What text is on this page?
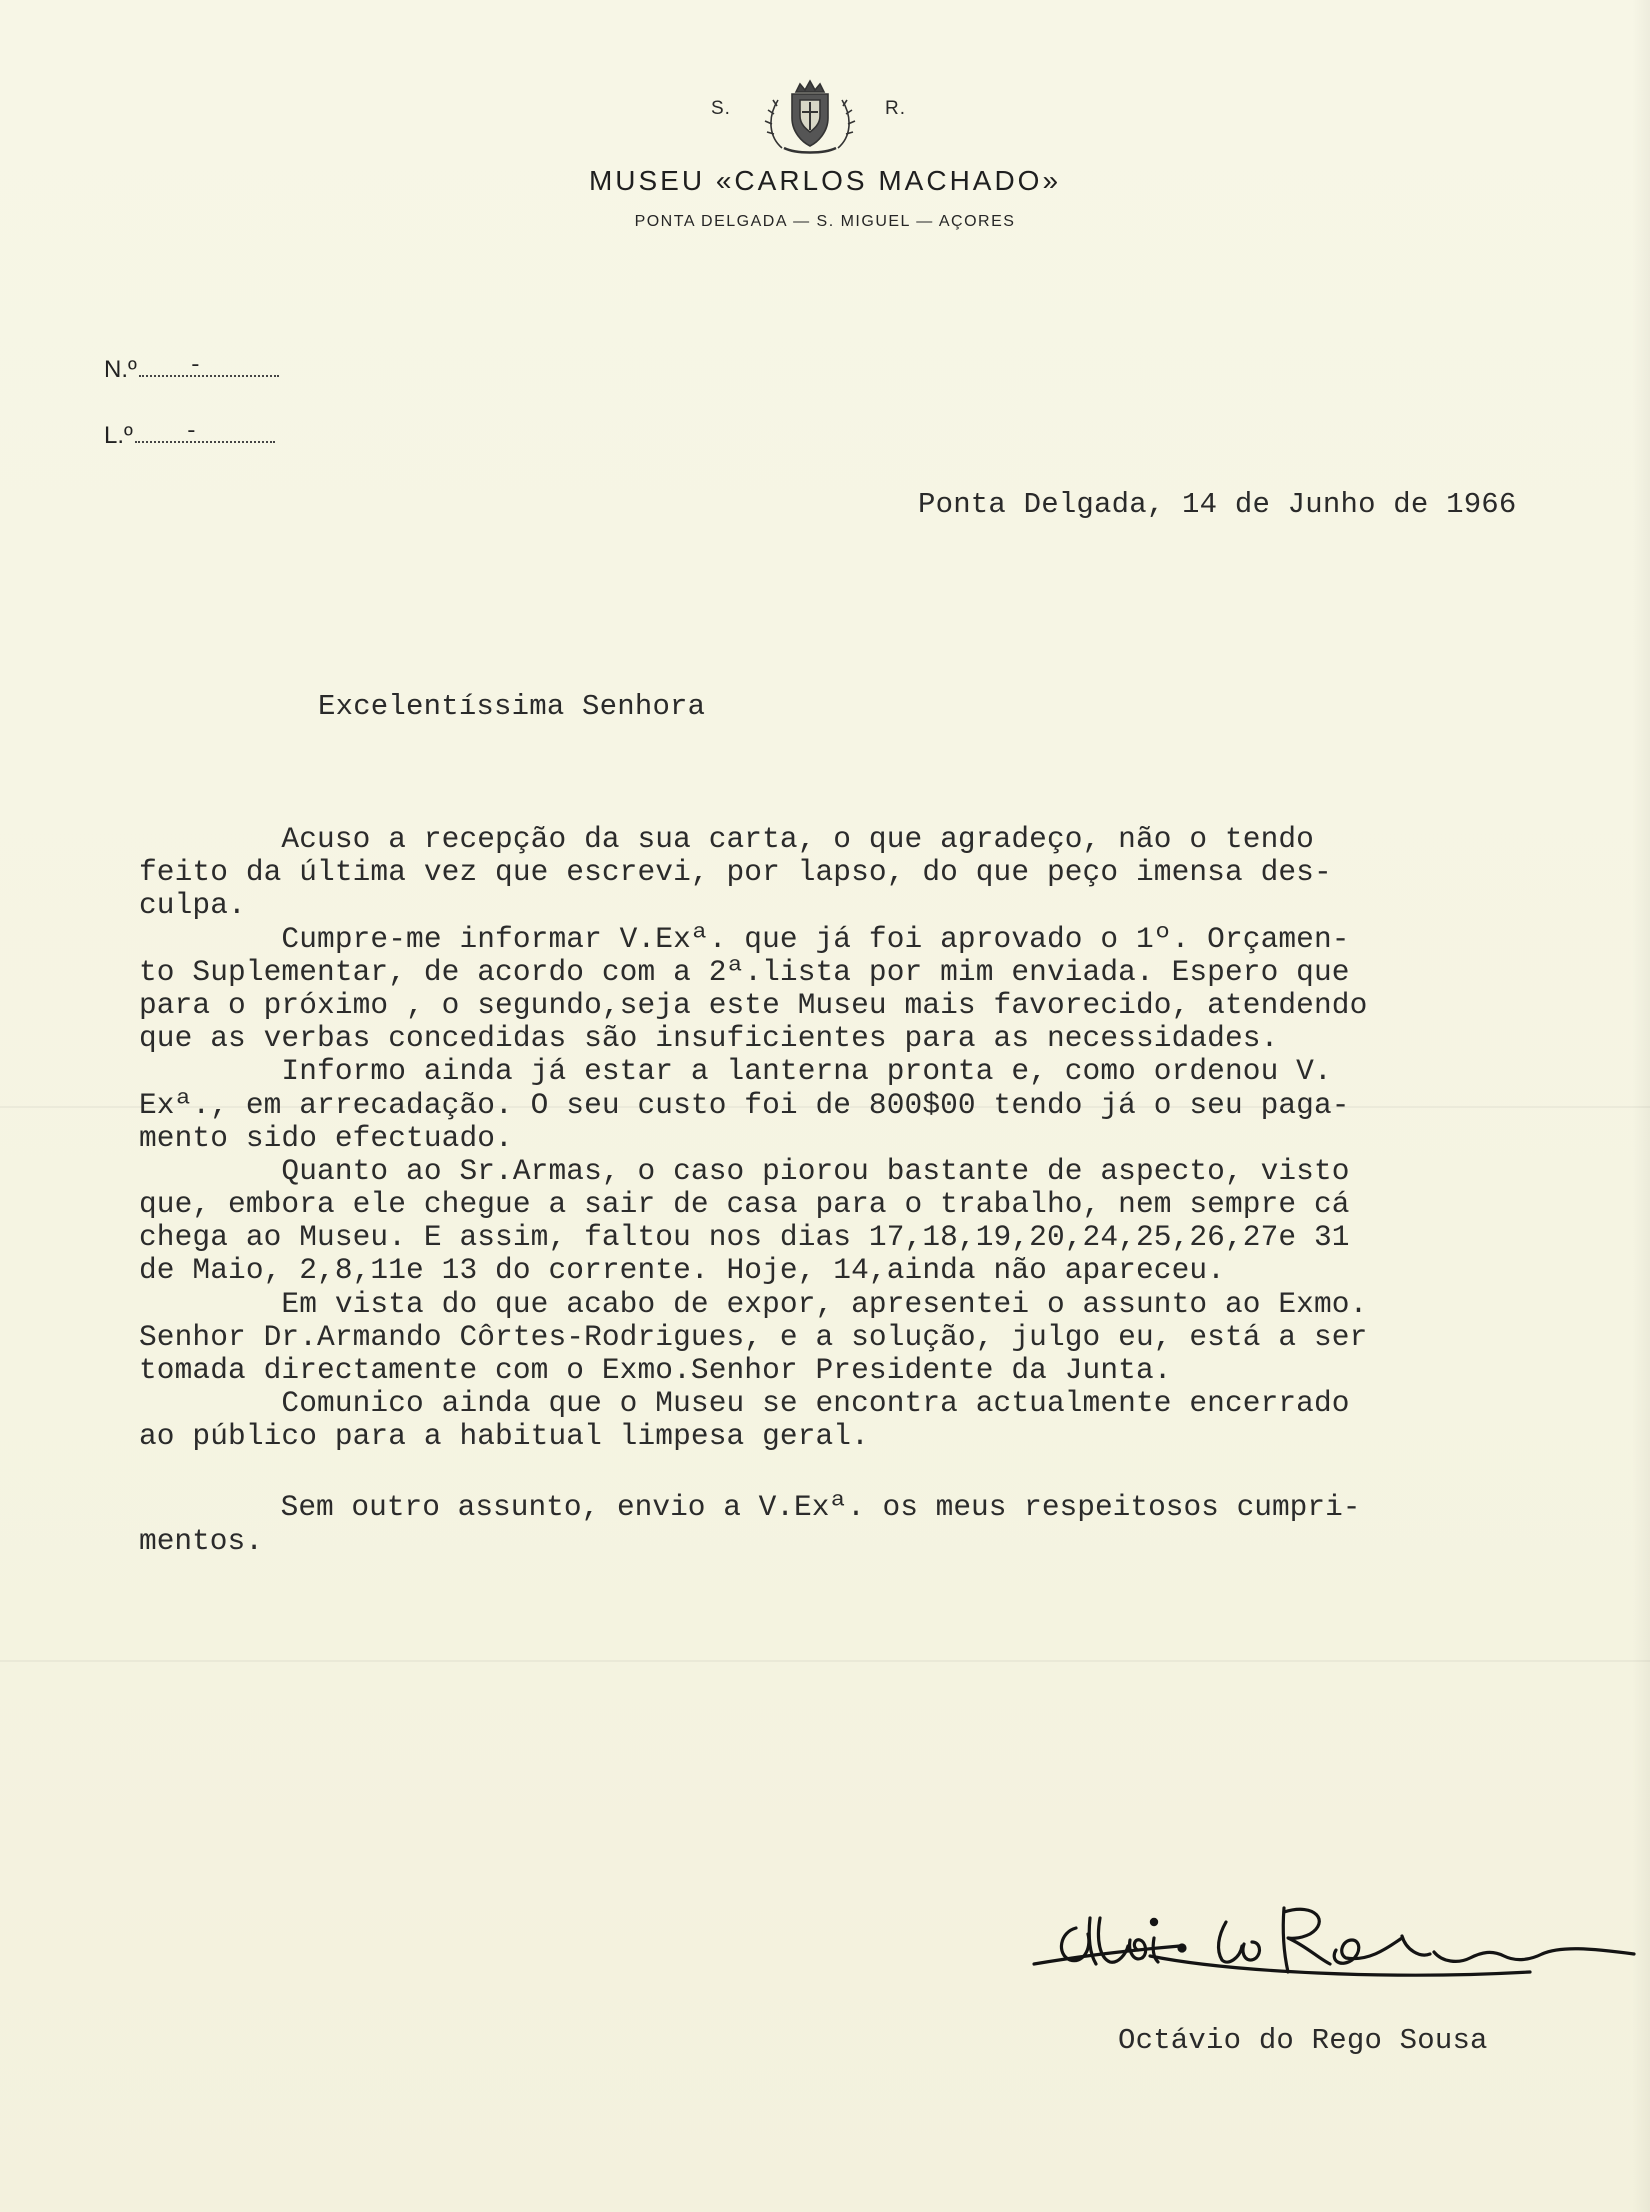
S.	R.
MUSEU «CARLOS MACHADO»
PONTA DELGADA — S. MIGUEL — AÇORES
N.º -
L.º -
Ponta Delgada, 14 de Junho de 1966
Excelentíssima Senhora
Acuso a recepção da sua carta, o que agradeço, não o tendo
feito da última vez que escrevi, por lapso, do que peço imensa des-
culpa.
Cumpre-me informar V.Exª. que já foi aprovado o 1º. Orçamen-
to Suplementar, de acordo com a 2ª.lista por mim enviada. Espero que
para o próximo , o segundo,seja este Museu mais favorecido, atendendo
que as verbas concedidas são insuficientes para as necessidades.
Informo ainda já estar a lanterna pronta e, como ordenou V.
Exª., em arrecadação. O seu custo foi de 800$00 tendo já o seu paga-
mento sido efectuado.
Quanto ao Sr.Armas, o caso piorou bastante de aspecto, visto
que, embora ele chegue a sair de casa para o trabalho, nem sempre cá
chega ao Museu. E assim, faltou nos dias 17,18,19,20,24,25,26,27e 31
de Maio, 2,8,11e 13 do corrente. Hoje, 14,ainda não apareceu.
Em vista do que acabo de expor, apresentei o assunto ao Exmo.
Senhor Dr.Armando Côrtes-Rodrigues, e a solução, julgo eu, está a ser
tomada directamente com o Exmo.Senhor Presidente da Junta.
Comunico ainda que o Museu se encontra actualmente encerrado
ao público para a habitual limpesa geral.
Sem outro assunto, envio a V.Exª. os meus respeitosos cumpri-
mentos.
Octávio do Rego Sousa
